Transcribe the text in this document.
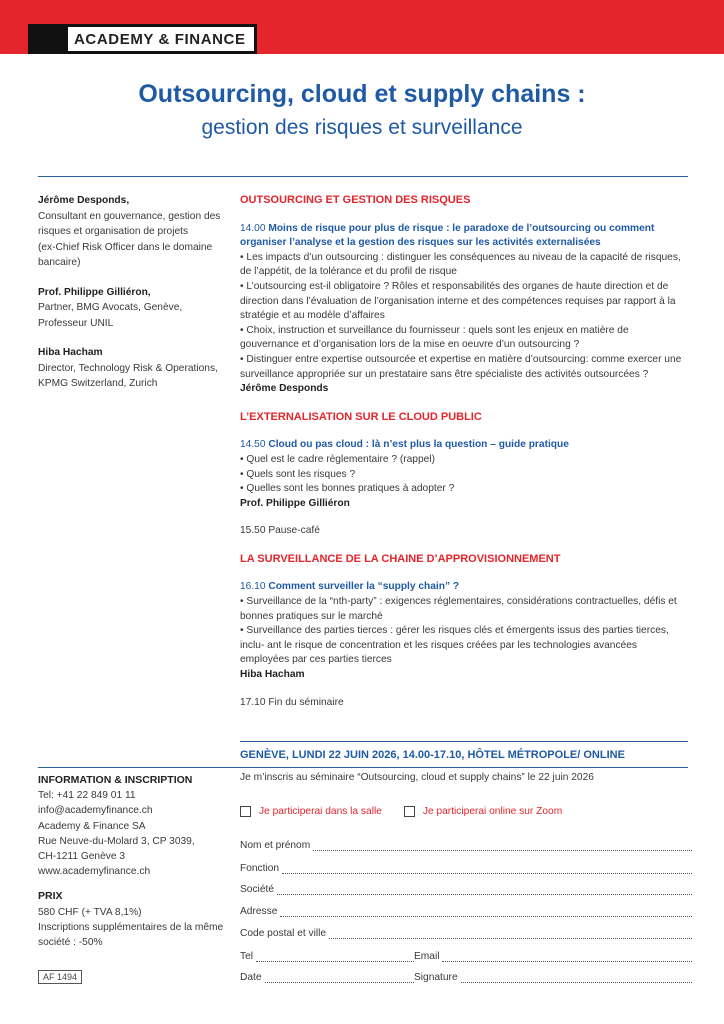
ACADEMY & FINANCE
Outsourcing, cloud et supply chains :
gestion des risques et surveillance
Jérôme Desponds,
Consultant en gouvernance, gestion des
risques et organisation de projets
(ex-Chief Risk Officer dans le domaine
bancaire)
Prof. Philippe Gilliéron,
Partner, BMG Avocats, Genève,
Professeur UNIL
Hiba Hacham
Director, Technology Risk & Operations,
KPMG Switzerland, Zurich
OUTSOURCING ET GESTION DES RISQUES
14.00 Moins de risque pour plus de risque : le paradoxe de l’outsourcing ou comment organiser l’analyse et la gestion des risques sur les activités externalisées
• Les impacts d’un outsourcing : distinguer les conséquences au niveau de la capacité de risques, de l’appétit, de la tolérance et du profil de risque
• L’outsourcing est-il obligatoire ? Rôles et responsabilités des organes de haute direction et de direction dans l’évaluation de l’organisation interne et des compétences requises par rapport à la stratégie et au modèle d’affaires
• Choix, instruction et surveillance du fournisseur : quels sont les enjeux en matière de gouvernance et d’organisation lors de la mise en oeuvre d’un outsourcing ?
• Distinguer entre expertise outsourcée et expertise en matière d’outsourcing: comme exercer une surveillance appropriée sur un prestataire sans être spécialiste des activités outsourcées ?
Jérôme Desponds
L’EXTERNALISATION SUR LE CLOUD PUBLIC
14.50 Cloud ou pas cloud : là n’est plus la question – guide pratique
• Quel est le cadre règlementaire ? (rappel)
• Quels sont les risques ?
• Quelles sont les bonnes pratiques à adopter ?
Prof. Philippe Gilliéron
15.50 Pause-café
LA SURVEILLANCE DE LA CHAINE D’APPROVISIONNEMENT
16.10 Comment surveiller la “supply chain” ?
• Surveillance de la “nth-party” : exigences réglementaires, considérations contractuelles, défis et bonnes pratiques sur le marché
• Surveillance des parties tierces : gérer les risques clés et émergents issus des parties tierces, inclu- ant le risque de concentration et les risques créées par les technologies avancées employées par ces parties tierces
Hiba Hacham
17.10 Fin du séminaire
GENÈVE, LUNDI 22 JUIN 2026, 14.00-17.10, HÔTEL MÉTROPOLE/ ONLINE
INFORMATION & INSCRIPTION
Tel: +41 22 849 01 11
info@academyfinance.ch
Academy & Finance SA
Rue Neuve-du-Molard 3, CP 3039,
CH-1211 Genève 3
www.academyfinance.ch
PRIX
580 CHF (+ TVA 8,1%)
Inscriptions supplémentaires de la même
société : -50%
AF 1494
Je m’inscris au séminaire “Outsourcing, cloud et supply chains” le 22 juin 2026
Je participerai dans la salle	Je participerai online sur Zoom
Nom et prénom
Fonction
Société
Adresse
Code postal et ville
Tel	Email
Date	Signature
